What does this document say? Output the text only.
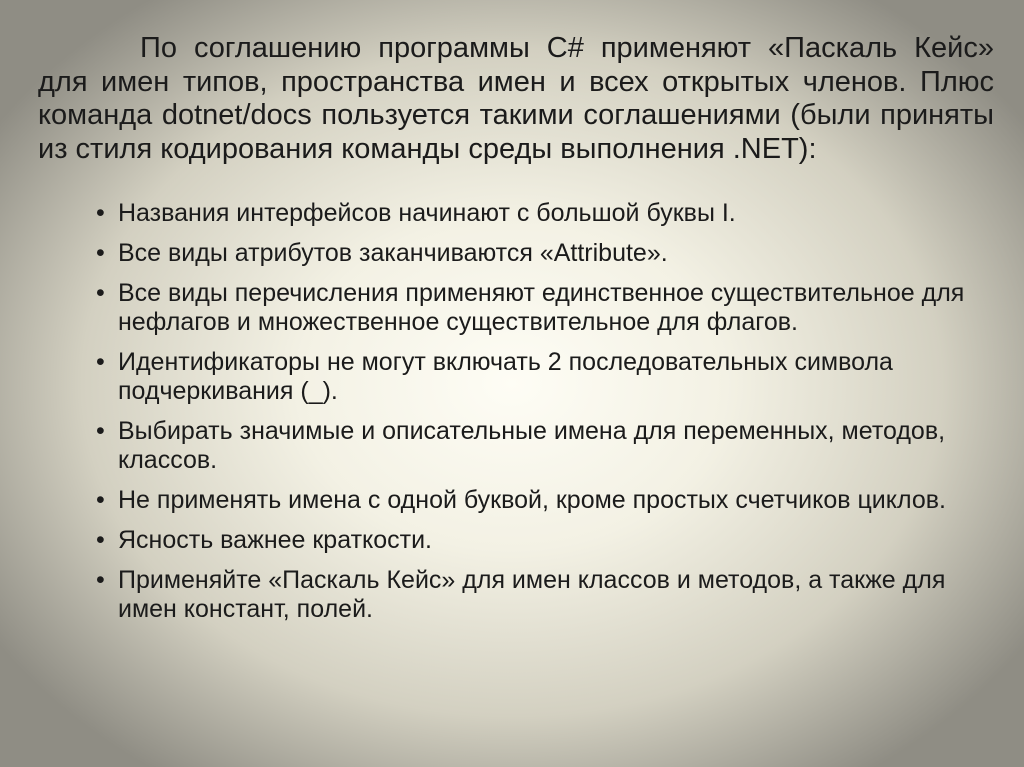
По соглашению программы C# применяют «Паскаль Кейс» для имен типов, пространства имен и всех открытых членов. Плюс команда dotnet/docs пользуется такими соглашениями (были приняты из стиля кодирования команды среды выполнения .NET):

• Названия интерфейсов начинают с большой буквы I.
• Все виды атрибутов заканчиваются «Attribute».
• Все виды перечисления применяют единственное существительное для нефлагов и множественное существительное для флагов.
• Идентификаторы не могут включать 2 последовательных символа подчеркивания (_).
• Выбирать значимые и описательные имена для переменных, методов, классов.
• Не применять имена с одной буквой, кроме простых счетчиков циклов.
• Ясность важнее краткости.
• Применяйте «Паскаль Кейс» для имен классов и методов, а также для имен констант, полей.
